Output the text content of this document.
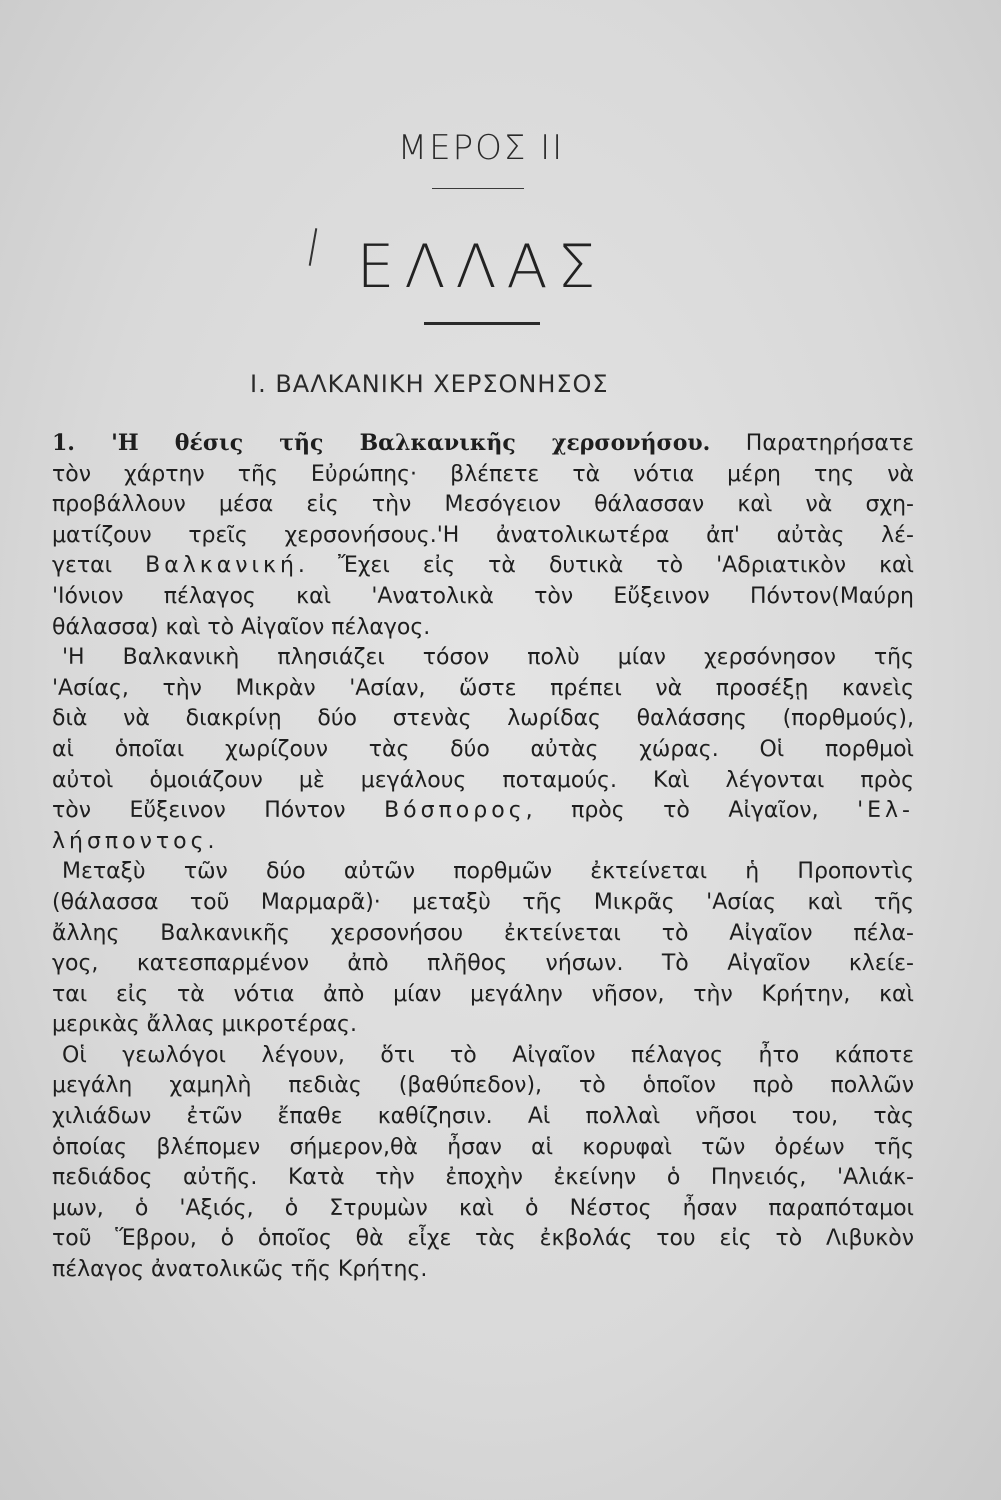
ΜΕΡΟΣ ΙΙ
ΕΛΛΑΣ
Ι. ΒΑΛΚΑΝΙΚΗ ΧΕΡΣΟΝΗΣΟΣ
1. 'Η θέσις τῆς Βαλκανικῆς χερσονήσου. Παρατηρήσατε
τὸν χάρτην τῆς Εὐρώπης· βλέπετε τὰ νότια μέρη της νὰ
προβάλλουν μέσα εἰς τὴν Μεσόγειον θάλασσαν καὶ νὰ σχη-
ματίζουν τρεῖς χερσονήσους.'Η ἀνατολικωτέρα ἀπ' αὐτὰς λέ-
γεται Βαλκανική. Ἔχει εἰς τὰ δυτικὰ τὸ 'Αδριατικὸν καὶ
'Ιόνιον πέλαγος καὶ 'Ανατολικὰ τὸν Εὔξεινον Πόντον(Μαύρη
θάλασσα) καὶ τὸ Αἰγαῖον πέλαγος.
'Η Βαλκανικὴ πλησιάζει τόσον πολὺ μίαν χερσόνησον τῆς
'Ασίας, τὴν Μικρὰν 'Ασίαν, ὥστε πρέπει νὰ προσέξῃ κανεὶς
διὰ νὰ διακρίνῃ δύο στενὰς λωρίδας θαλάσσης (πορθμούς),
αἱ ὁποῖαι χωρίζουν τὰς δύο αὐτὰς χώρας. Οἱ πορθμοὶ
αὐτοὶ ὁμοιάζουν μὲ μεγάλους ποταμούς. Καὶ λέγονται πρὸς
τὸν Εὔξεινον Πόντον Βόσπορος, πρὸς τὸ Αἰγαῖον, 'Ελ-
λήσποντος.
Μεταξὺ τῶν δύο αὐτῶν πορθμῶν ἐκτείνεται ἡ Προποντὶς
(θάλασσα τοῦ Μαρμαρᾶ)· μεταξὺ τῆς Μικρᾶς 'Ασίας καὶ τῆς
ἄλλης Βαλκανικῆς χερσονήσου ἐκτείνεται τὸ Αἰγαῖον πέλα-
γος, κατεσπαρμένον ἀπὸ πλῆθος νήσων. Τὸ Αἰγαῖον κλείε-
ται εἰς τὰ νότια ἀπὸ μίαν μεγάλην νῆσον, τὴν Κρήτην, καὶ
μερικὰς ἄλλας μικροτέρας.
Οἱ γεωλόγοι λέγουν, ὅτι τὸ Αἰγαῖον πέλαγος ἦτο κάποτε
μεγάλη χαμηλὴ πεδιὰς (βαθύπεδον), τὸ ὁποῖον πρὸ πολλῶν
χιλιάδων ἐτῶν ἔπαθε καθίζησιν. Αἱ πολλαὶ νῆσοι του, τὰς
ὁποίας βλέπομεν σήμερον,θὰ ἦσαν αἱ κορυφαὶ τῶν ὀρέων τῆς
πεδιάδος αὐτῆς. Κατὰ τὴν ἐποχὴν ἐκείνην ὁ Πηνειός, 'Αλιάκ-
μων, ὁ 'Αξιός, ὁ Στρυμὼν καὶ ὁ Νέστος ἦσαν παραπόταμοι
τοῦ Ἕβρου, ὁ ὁποῖος θὰ εἶχε τὰς ἐκβολάς του εἰς τὸ Λιβυκὸν
πέλαγος ἀνατολικῶς τῆς Κρήτης.
